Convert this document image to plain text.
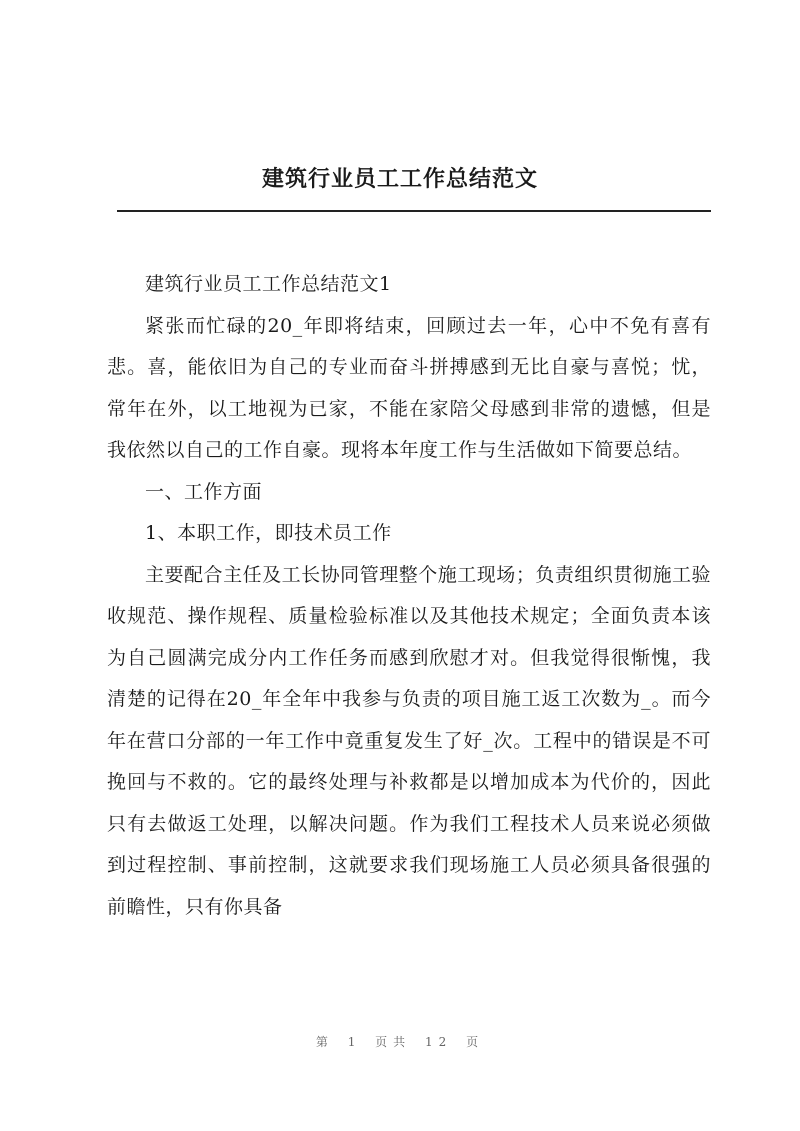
建筑行业员工工作总结范文

建筑行业员工工作总结范文1

紧张而忙碌的20_年即将结束，回顾过去一年，心中不免有喜有悲。喜，能依旧为自己的专业而奋斗拼搏感到无比自豪与喜悦；忧，常年在外，以工地视为已家，不能在家陪父母感到非常的遗憾，但是我依然以自己的工作自豪。现将本年度工作与生活做如下简要总结。

一、工作方面

1、本职工作，即技术员工作

主要配合主任及工长协同管理整个施工现场；负责组织贯彻施工验收规范、操作规程、质量检验标准以及其他技术规定；全面负责本该为自己圆满完成分内工作任务而感到欣慰才对。但我觉得很惭愧，我清楚的记得在20_年全年中我参与负责的项目施工返工次数为_。而今年在营口分部的一年工作中竟重复发生了好_次。工程中的错误是不可挽回与不救的。它的最终处理与补救都是以增加成本为代价的，因此只有去做返工处理，以解决问题。作为我们工程技术人员来说必须做到过程控制、事前控制，这就要求我们现场施工人员必须具备很强的前瞻性，只有你具备

第 1 页共 12 页
